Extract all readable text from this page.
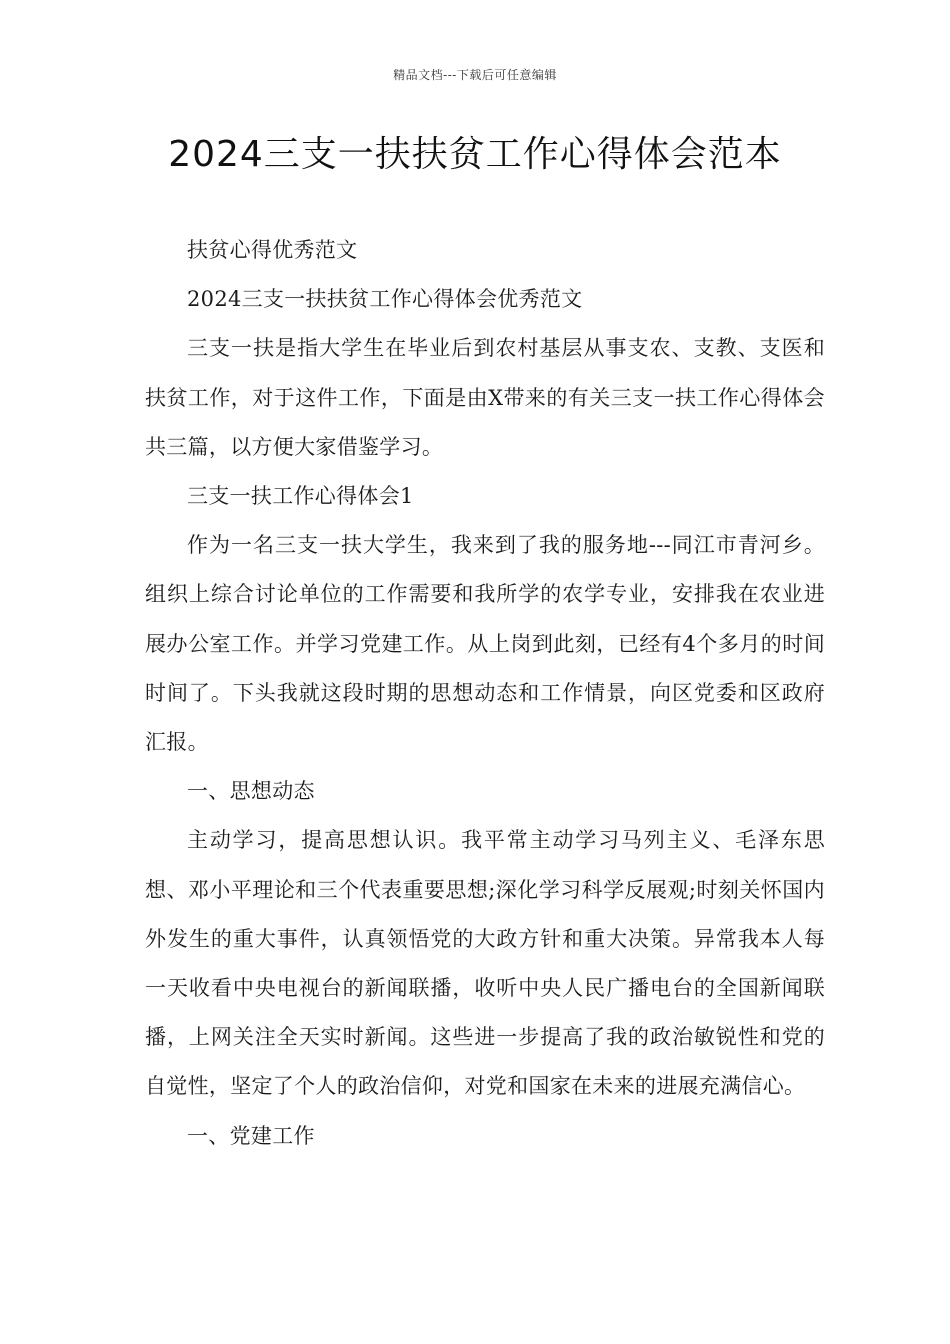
精品文档---下载后可任意编辑
2024三支一扶扶贫工作心得体会范本

扶贫心得优秀范文

2024三支一扶扶贫工作心得体会优秀范文

三支一扶是指大学生在毕业后到农村基层从事支农、支教、支医和扶贫工作，对于这件工作，下面是由X带来的有关三支一扶工作心得体会共三篇，以方便大家借鉴学习。

三支一扶工作心得体会1

作为一名三支一扶大学生，我来到了我的服务地---同江市青河乡。组织上综合讨论单位的工作需要和我所学的农学专业，安排我在农业进展办公室工作。并学习党建工作。从上岗到此刻，已经有4个多月的时间时间了。下头我就这段时期的思想动态和工作情景，向区党委和区政府汇报。

一、思想动态

主动学习，提高思想认识。我平常主动学习马列主义、毛泽东思想、邓小平理论和三个代表重要思想;深化学习科学反展观;时刻关怀国内外发生的重大事件，认真领悟党的大政方针和重大决策。异常我本人每一天收看中央电视台的新闻联播，收听中央人民广播电台的全国新闻联播，上网关注全天实时新闻。这些进一步提高了我的政治敏锐性和党的自觉性，坚定了个人的政治信仰，对党和国家在未来的进展充满信心。

一、党建工作
